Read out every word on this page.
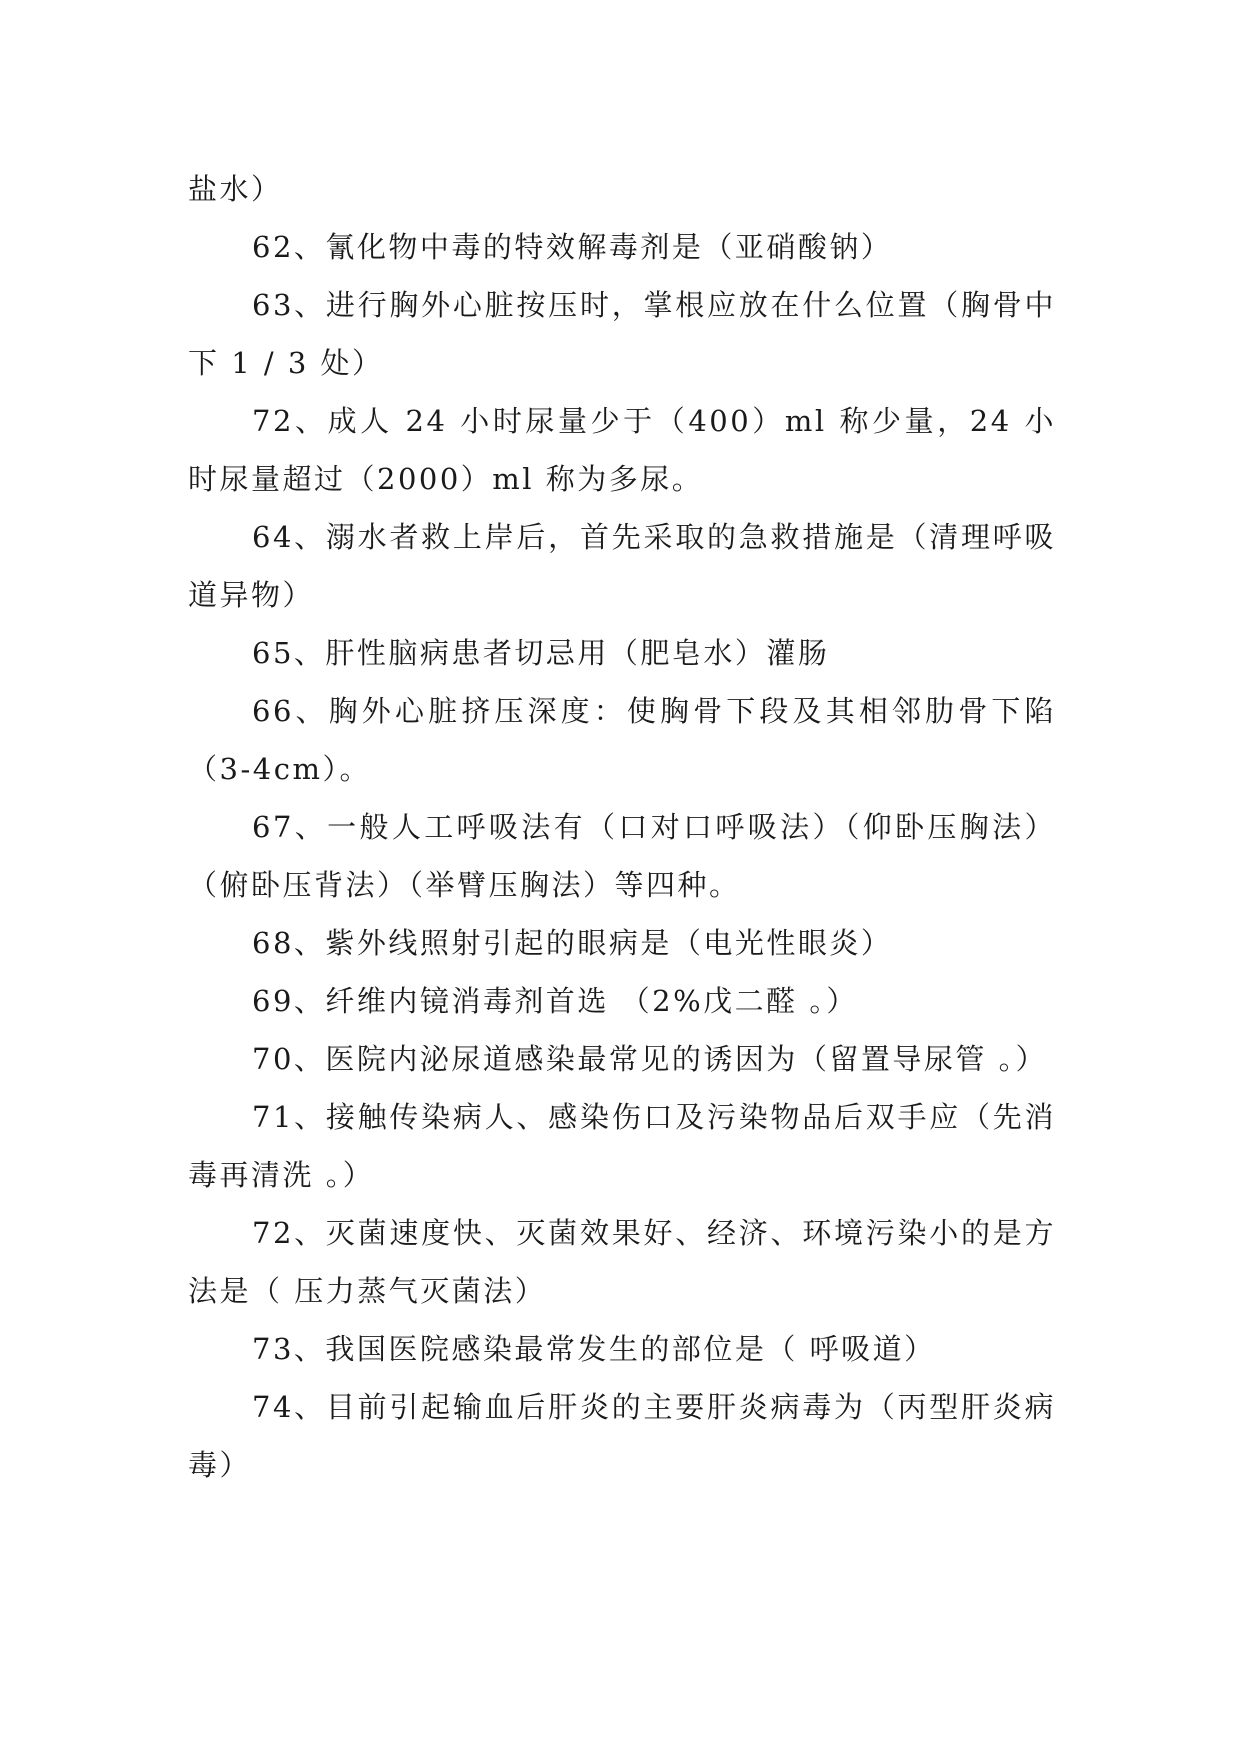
盐水）

62、氰化物中毒的特效解毒剂是（亚硝酸钠）

63、进行胸外心脏按压时，掌根应放在什么位置（胸骨中下 1 / 3 处）

72、成人 24 小时尿量少于（400）ml 称少量，24 小时尿量超过（2000）ml 称为多尿。

64、溺水者救上岸后，首先采取的急救措施是（清理呼吸道异物）

65、肝性脑病患者切忌用（肥皂水）灌肠

66、胸外心脏挤压深度：使胸骨下段及其相邻肋骨下陷（3-4cm）。

67、一般人工呼吸法有（口对口呼吸法）（仰卧压胸法）（俯卧压背法）（举臂压胸法）等四种。

68、紫外线照射引起的眼病是（电光性眼炎）

69、纤维内镜消毒剂首选 （2%戊二醛 。）

70、医院内泌尿道感染最常见的诱因为（留置导尿管 。）

71、接触传染病人、感染伤口及污染物品后双手应（先消毒再清洗 。）

72、灭菌速度快、灭菌效果好、经济、环境污染小的是方法是（ 压力蒸气灭菌法）

73、我国医院感染最常发生的部位是（ 呼吸道）

74、目前引起输血后肝炎的主要肝炎病毒为（丙型肝炎病毒）
